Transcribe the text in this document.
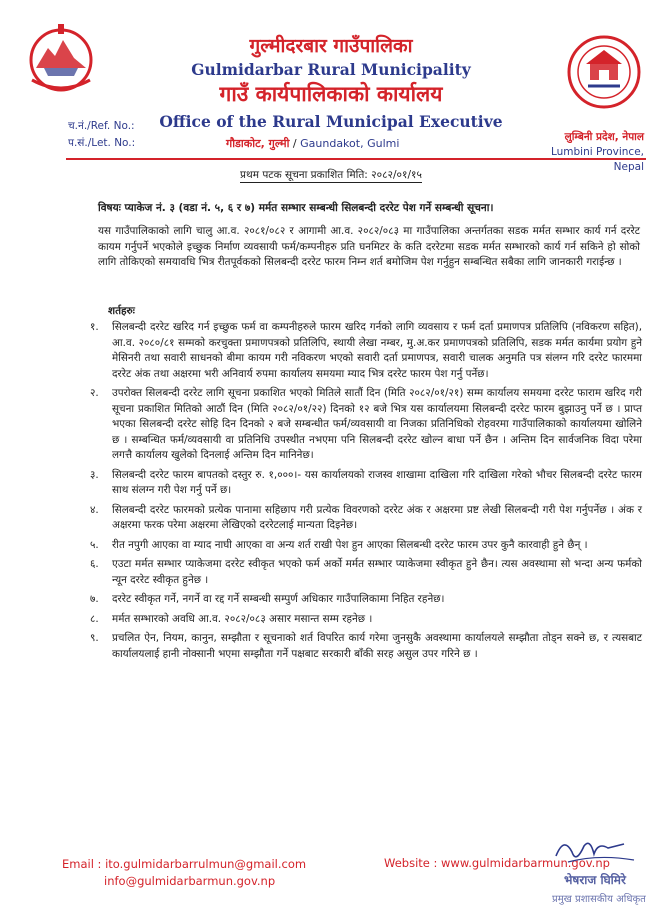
गुल्मीदरबार गाउँपालिका
Gulmidarbar Rural Municipality
गाउँ कार्यपालिकाको कार्यालय
Office of the Rural Municipal Executive
गौडाकोट, गुल्मी / Gaundakot, Gulmi
च.नं./Ref. No.:
प.सं./Let. No.:	लुम्बिनी प्रदेश, नेपाल
Lumbini Province, Nepal
प्रथम पटक सूचना प्रकाशित मिति: २०८२/०१/१५
विषयः प्याकेज नं. ३ (वडा नं. ५, ६ र ७) मर्मत सम्भार सम्बन्धी सिलबन्दी दररेट पेश गर्ने सम्बन्धी सूचना।
यस गाउँपालिकाको लागि चालु आ.व. २०८१/०८२ र आगामी आ.व. २०८२/०८३ मा गाउँपालिका अन्तर्गतका सडक मर्मत सम्भार कार्य गर्न दररेट कायम गर्नुपर्ने भएकोले इच्छुक निर्माण व्यवसायी फर्म/कम्पनीहरु प्रति घनमिटर के कति दररेटमा सडक मर्मत सम्भारको कार्य गर्न सकिने हो सोको लागि तोकिएको समयावधि भित्र रीतपूर्वकको सिलबन्दी दररेट फारम निम्न शर्त बमोजिम पेश गर्नुहुन सम्बन्धित सबैका लागि जानकारी गराईन्छ ।
शर्तहरुः
१.	सिलबन्दी दररेट खरिद गर्न इच्छुक फर्म वा कम्पनीहरुले फारम खरिद गर्नको लागि व्यवसाय र फर्म दर्ता प्रमाणपत्र प्रतिलिपि (नविकरण सहित), आ.व. २०८०/८१ सम्मको करचुक्ता प्रमाणपत्रको प्रतिलिपि, स्थायी लेखा नम्बर, मु.अ.कर प्रमाणपत्रको प्रतिलिपि, सडक मर्मत कार्यमा प्रयोग हुने मेसिनरी तथा सवारी साधनको बीमा कायम गरी नविकरण भएको सवारी दर्ता प्रमाणपत्र, सवारी चालक अनुमति पत्र संलग्न गरि दररेट फारममा दररेट अंक तथा अक्षरमा भरी अनिवार्य रुपमा कार्यालय समयमा म्याद भित्र दररेट फारम पेश गर्नु पर्नेछ।
२.	उपरोक्त सिलबन्दी दररेट लागि सूचना प्रकाशित भएको मितिले सातौं दिन (मिति २०८२/०१/२१) सम्म कार्यालय समयमा दररेट फाराम खरिद गरी सूचना प्रकाशित मितिको आठौं दिन (मिति २०८२/०१/२२) दिनको १२ बजे भित्र यस कार्यालयमा सिलबन्दी दररेट फारम बुझाउनु पर्ने छ । प्राप्त भएका सिलबन्दी दररेट सोहि दिन दिनको २ बजे सम्बन्धीत फर्म/व्यवसायी वा निजका प्रतिनिधिको रोहवरमा गाउँपालिकाको कार्यालयमा खोलिने छ । सम्बन्धित फर्म/व्यवसायी वा प्रतिनिधि उपस्थीत नभएमा पनि सिलबन्दी दररेट खोल्न बाधा पर्ने छैन । अन्तिम दिन सार्वजनिक विदा परेमा लगत्तै कार्यालय खुलेको दिनलाई अन्तिम दिन मानिनेछ।
३.	सिलबन्दी दररेट फारम बापतको दस्तुर रु. १,०००।- यस कार्यालयको राजस्व शाखामा दाखिला गरि दाखिला गरेको भौचर सिलबन्दी दररेट फारम साथ संलग्न गरी पेश गर्नु पर्ने छ।
४.	सिलबन्दी दररेट फारमको प्रत्येक पानामा सहिछाप गरी प्रत्येक विवरणको दररेट अंक र अक्षरमा प्रष्ट लेखी सिलबन्दी गरी पेश गर्नुपर्नेछ । अंक र अक्षरमा फरक परेमा अक्षरमा लेखिएको दररेटलाई मान्यता दिइनेछ।
५.	रीत नपुगी आएका वा म्याद नाघी आएका वा अन्य शर्त राखी पेश हुन आएका सिलबन्धी दररेट फारम उपर कुनै कारवाही हुने छैन् ।
६.	एउटा मर्मत सम्भार प्याकेजमा दररेट स्वीकृत भएको फर्म अर्को मर्मत सम्भार प्याकेजमा स्वीकृत हुने छैन। त्यस अवस्थामा सो भन्दा अन्य फर्मको न्यून दररेट स्वीकृत हुनेछ ।
७.	दररेट स्वीकृत गर्ने, नगर्ने वा रद्द गर्ने सम्बन्धी सम्पुर्ण अधिकार गाउँपालिकामा निहित रहनेछ।
८.	मर्मत सम्भारको अवधि आ.व. २०८२/०८३ असार मसान्त सम्म रहनेछ ।
९.	प्रचलित ऐन, नियम, कानुन, सम्झौता र सूचनाको शर्त विपरित कार्य गरेमा जुनसुकै अवस्थामा कार्यालयले सम्झौता तोड्न सक्ने छ, र त्यसबाट कार्यालयलाई हानी नोक्सानी भएमा सम्झौता गर्ने पक्षबाट सरकारी बाँकी सरह असुल उपर गरिने छ ।
Email : ito.gulmidarbarrulmun@gmail.com
info@gulmidarbarmun.gov.np
Website : www.gulmidarbarmun.gov.np
भेषराज घिमिरे
प्रमुख प्रशासकीय अधिकृत
